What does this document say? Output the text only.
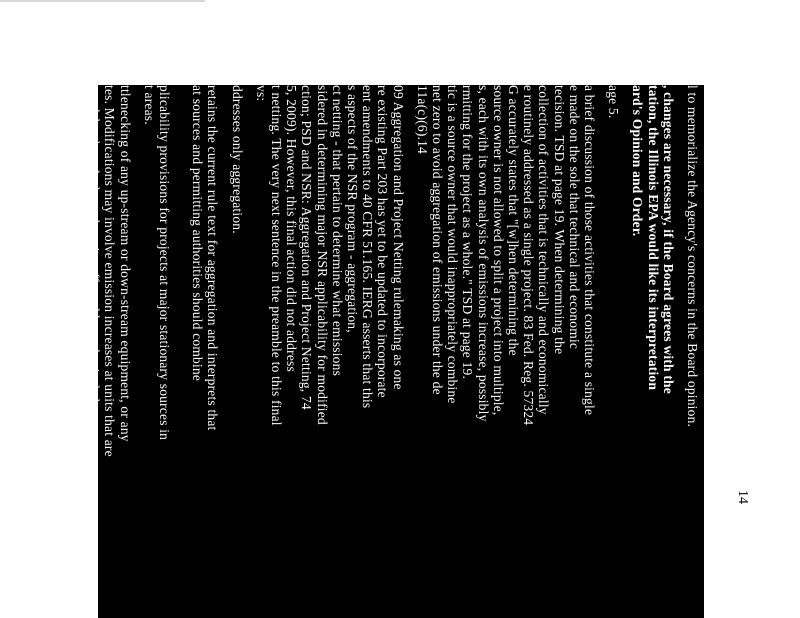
l to memorialize the Agency's concerns in the Board opinion.
, changes are necessary, if the Board agrees with the
tation, the Illinois EPA would like its interpretation
ard's Opinion and Order.
age 5.
a brief discussion of those activities that constitute a single
e made on the sole that technical and economic
tecision. TSD at page 19. When determining the
collection of activities that is technically and economically
e routinely addressed as a single project. 83 Fed. Reg. 57324
G accurately states that "[w]hen determining the
source owner is not allowed to split a project into multiple,
s, each with its own analysis of emissions increase, possibly
rmitting for the project as a whole." TSD at page 19.
tic is a source owner that would inappropriately combine
net zero to avoid aggregation of emissions under the de
11a(c)(6).14
09 Aggregation and Project Netting rulemaking as one
re existing Part 203 has yet to be updated to incorporate
ent amendments to 40 CFR 51.165. IERG asserts that this
s aspects of the NSR program - aggregation,
ct netting - that pertain to determine what emissions
sidered in determining major NSR applicability for modified
ction; PSD and NSR: Aggregation and Project Netting, 74
5, 2009). However, this final action did not address
t netting. The very next sentence in the preamble to this final
vs:
ddresses only aggregation.
retains the current rule text for aggregation and interprets that
at sources and permitting authorities should combine
plicability provisions for projects at major stationary sources in
t areas.
ttlenecking of any up-stream or down-stream equipment, or any
tes. Modifications may involve emission increases at units that are
are debottlenecked or otherwise affected by a physical change or
an emission unit. For instance, units that are upstream or
y physically or operationally modified may have increases in
odified units.
14
